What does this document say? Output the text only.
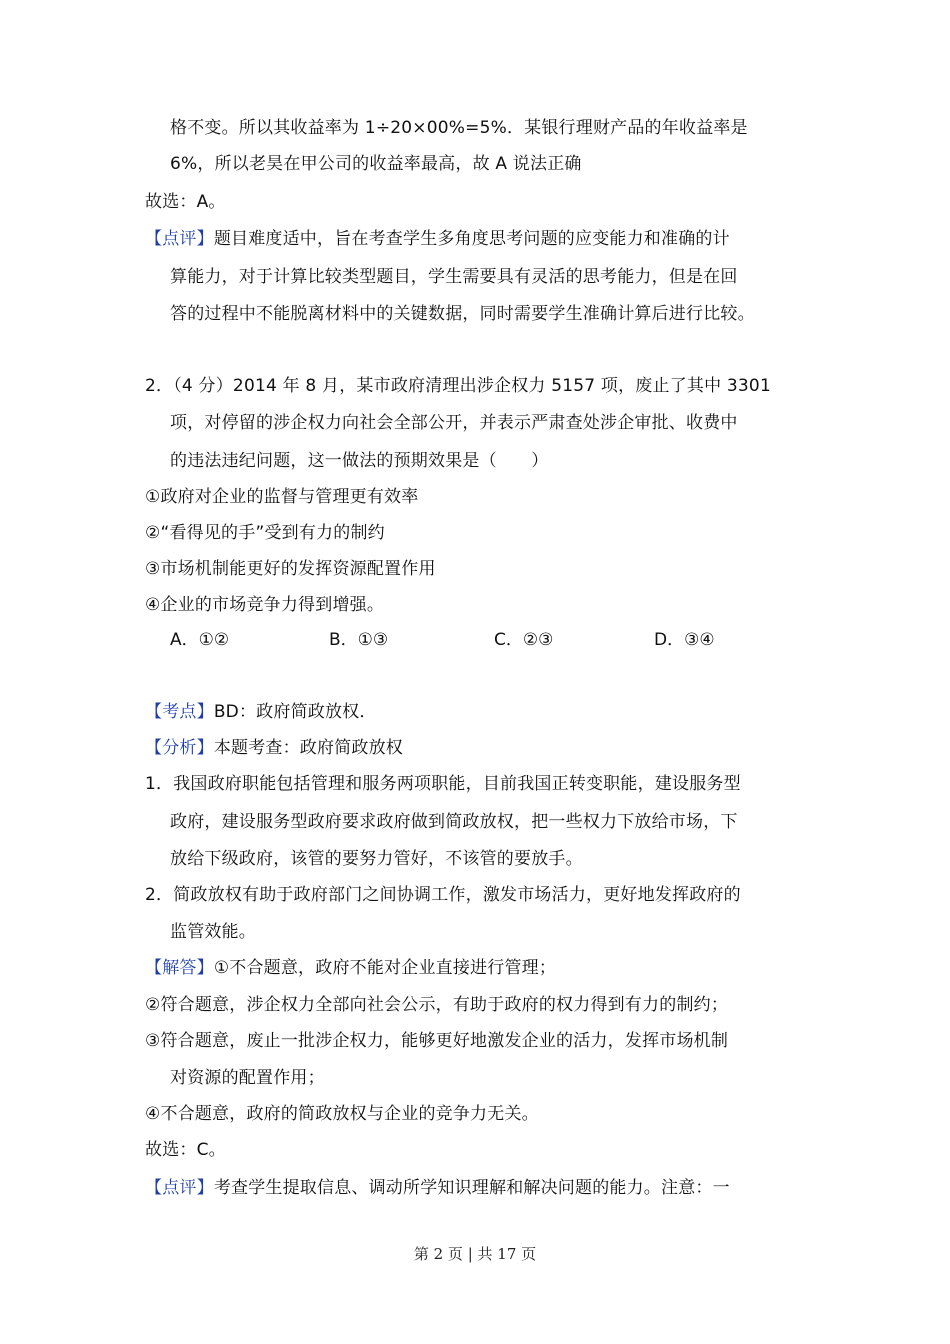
格不变。所以其收益率为 1÷20×00%=5%．某银行理财产品的年收益率是
6%，所以老昊在甲公司的收益率最高，故 A 说法正确
故选：A。
【点评】题目难度适中，旨在考查学生多角度思考问题的应变能力和准确的计
算能力，对于计算比较类型题目，学生需要具有灵活的思考能力，但是在回
答的过程中不能脱离材料中的关键数据，同时需要学生准确计算后进行比较。
2．（4 分）2014 年 8 月，某市政府清理出涉企权力 5157 项，废止了其中 3301
项，对停留的涉企权力向社会全部公开，并表示严肃查处涉企审批、收费中
的违法违纪问题，这一做法的预期效果是（　　）
①政府对企业的监督与管理更有效率
②“看得见的手”受到有力的制约
③市场机制能更好的发挥资源配置作用
④企业的市场竞争力得到增强。
A．①②	B．①③	C．②③	D．③④
【考点】BD：政府简政放权．
【分析】本题考查：政府简政放权
1．我国政府职能包括管理和服务两项职能，目前我国正转变职能，建设服务型
政府，建设服务型政府要求政府做到简政放权，把一些权力下放给市场，下
放给下级政府，该管的要努力管好，不该管的要放手。
2．简政放权有助于政府部门之间协调工作，激发市场活力，更好地发挥政府的
监管效能。
【解答】①不合题意，政府不能对企业直接进行管理；
②符合题意，涉企权力全部向社会公示，有助于政府的权力得到有力的制约；
③符合题意，废止一批涉企权力，能够更好地激发企业的活力，发挥市场机制
对资源的配置作用；
④不合题意，政府的简政放权与企业的竞争力无关。
故选：C。
【点评】考查学生提取信息、调动所学知识理解和解决问题的能力。注意：一
第 2 页 | 共 17 页
